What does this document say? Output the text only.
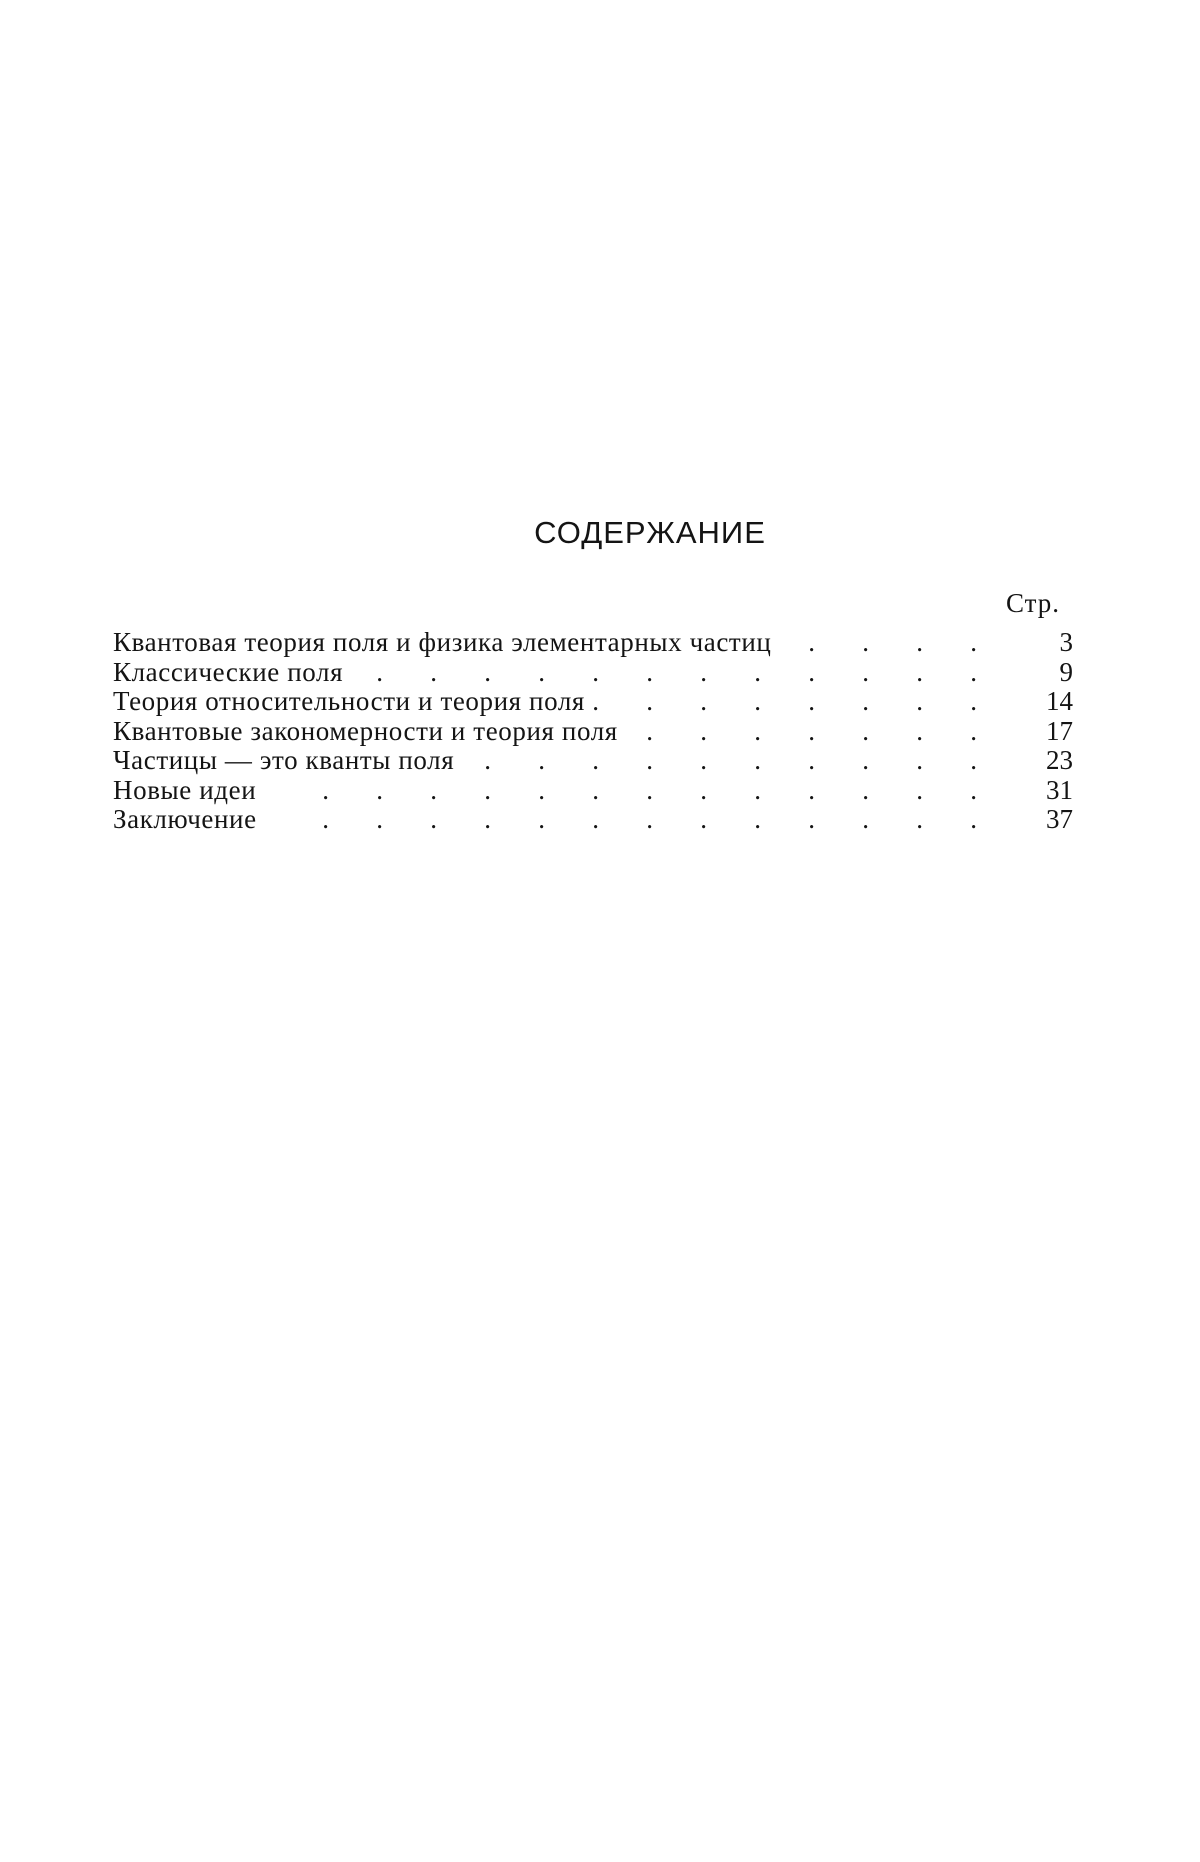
СОДЕРЖАНИЕ
Стр.
Квантовая теория поля и физика элементарных частиц .	3
Классические поля .	9
Теория относительности и теория поля .	14
Квантовые закономерности и теория поля .	17
Частицы — это кванты поля .	23
Новые идеи .	31
Заключение .	37
